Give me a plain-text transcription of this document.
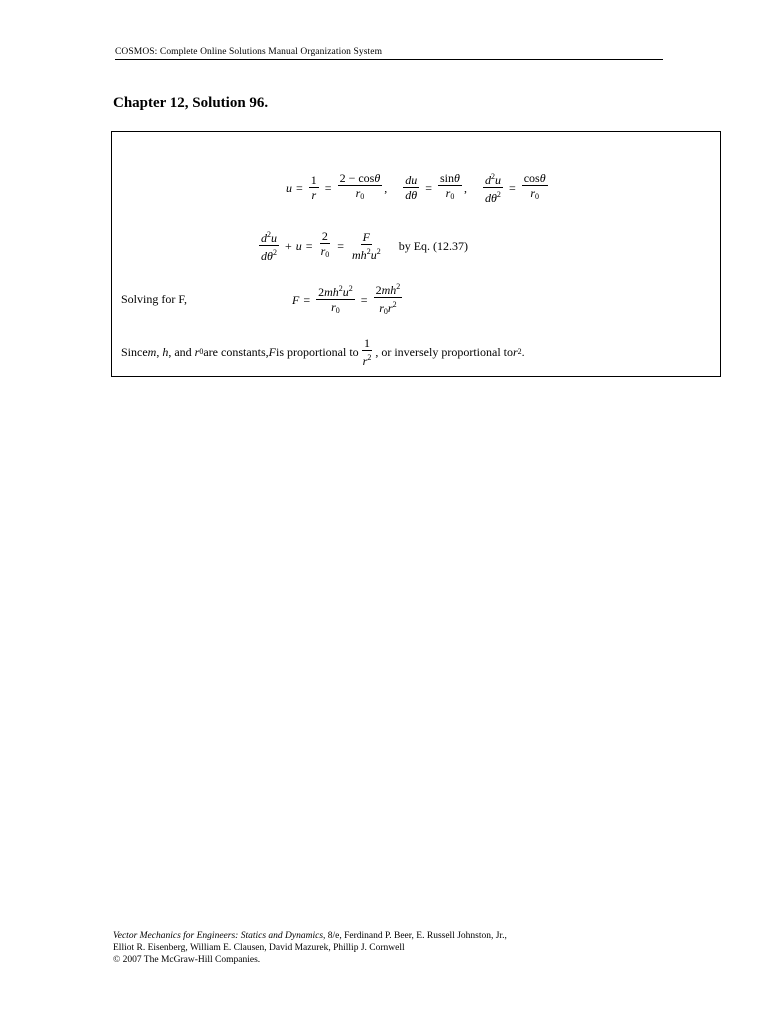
COSMOS: Complete Online Solutions Manual Organization System
Chapter 12, Solution 96.
$u = \frac{1}{r} = \frac{2 - \cos\theta}{r_0}$ , $\frac{du}{d\theta} = \frac{\sin\theta}{r_0}$ , $\frac{d^2u}{d\theta^2} = \frac{\cos\theta}{r_0}$
$\frac{d^2u}{d\theta^2} + u = \frac{2}{r_0} = \frac{F}{mh^2u^2}$ by Eq. (12.37)
Solving for F,	$F = \frac{2mh^2u^2}{r_0} = \frac{2mh^2}{r_0r^2}$
Since m , h , and r 0 are constants, F is proportional to $\frac{1}{r^2}$ , or inversely proportional to r 2 .
Vector Mechanics for Engineers: Statics and Dynamics, 8/e, Ferdinand P. Beer, E. Russell Johnston, Jr.,
Elliot R. Eisenberg, William E. Clausen, David Mazurek, Phillip J. Cornwell
© 2007 The McGraw-Hill Companies.
